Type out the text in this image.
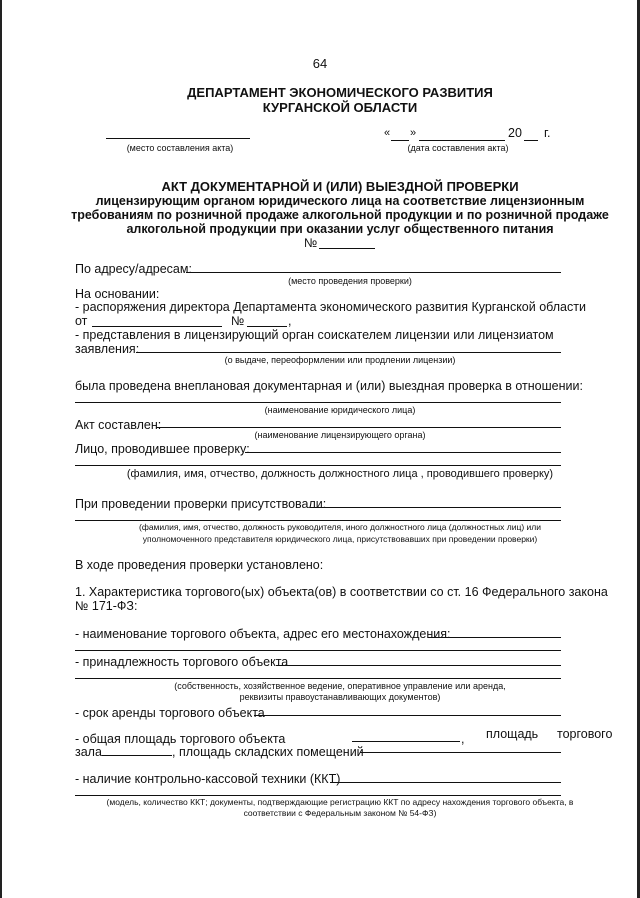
64
ДЕПАРТАМЕНТ ЭКОНОМИЧЕСКОГО РАЗВИТИЯ
КУРГАНСКОЙ ОБЛАСТИ
(место составления акта)
« »	20 г.
(дата составления акта)
АКТ ДОКУМЕНТАРНОЙ И (ИЛИ) ВЫЕЗДНОЙ ПРОВЕРКИ
лицензирующим органом юридического лица на соответствие лицензионным
требованиям по розничной продаже алкогольной продукции и по розничной продаже
алкогольной продукции при оказании услуг общественного питания
№
По адресу/адресам:
(место проведения проверки)
На основании:
- распоряжения директора Департамента экономического развития Курганской области
от	№	,
- представления в лицензирующий орган соискателем лицензии или лицензиатом
заявления:
(о выдаче, переоформлении или продлении лицензии)
была проведена внеплановая документарная и (или) выездная проверка в отношении:
(наименование юридического лица)
Акт составлен:
(наименование лицензирующего органа)
Лицо, проводившее проверку:
(фамилия, имя, отчество, должность должностного лица , проводившего проверку)
При проведении проверки присутствовали:
(фамилия, имя, отчество, должность руководителя, иного должностного лица (должностных лиц) или
уполномоченного представителя юридического лица, присутствовавших при проведении проверки)
В ходе проведения проверки установлено:
1. Характеристика торгового(ых) объекта(ов) в соответствии со ст. 16 Федерального закона
№ 171-ФЗ:
- наименование торгового объекта, адрес его местонахождения:
- принадлежность торгового объекта
(собственность, хозяйственное ведение, оперативное управление или аренда,
реквизиты правоустанавливающих документов)
- срок аренды торгового объекта
- общая площадь торгового объекта	, площадь торгового
зала	, площадь складских помещений
- наличие контрольно-кассовой техники (ККТ)
(модель, количество ККТ; документы, подтверждающие регистрацию ККТ по адресу нахождения торгового объекта, в
соответствии с Федеральным законом № 54-ФЗ)
